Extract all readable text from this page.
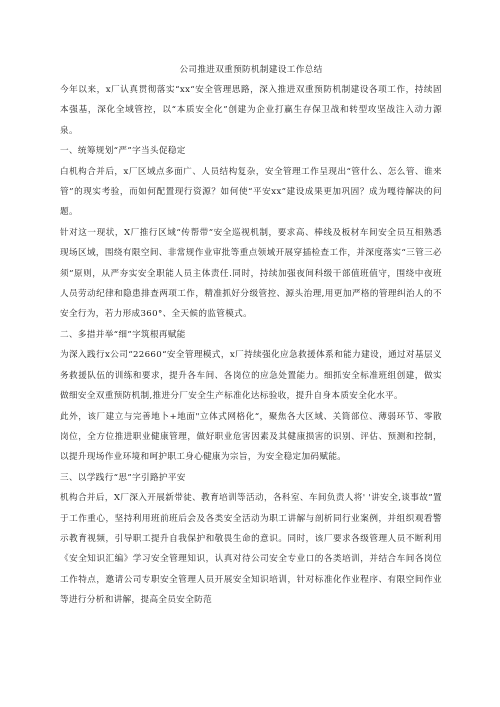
公司推进双重预防机制建设工作总结

今年以来，x厂认真贯彻落实“xx“安全管理思路，深入推进双重预防机制建设各项工作，持续固本强基，深化全域管控，以“本质安全化”创建为企业打赢生存保卫战和转型攻坚战注入动力源泉。

一、统筹规划“严”字当头促稳定

白机构合并后，x厂区域点多面广、人员结构复杂，安全管理工作呈现出“管什么、怎么管、谁来管”的现实考验，而如何配置现行资源？如何使“平安xx”建设成果更加巩固？成为嘎待解决的问题。

针对这一现状，X厂推行区域“传帮带”安全巡视机制，要求高、棒线及板材车间安全员互相熟悉现场区域，围绕有限空间、非常规作业审批等重点领域开展穿插检查工作，并深度落实“三管三必须”原则，从严夯实安全职能人员主体责任.同时，持续加强夜间科级干部值班值守，围绕中夜班人员劳动纪律和隐患排查两项工作，精准抓好分级管控、源头治理,用更加严格的管理纠治人的不安全行为，若力形成360°、全天候的监管模式。

二、多措并举“细”字筑根再赋能

为深入践行x公司“22660“安全管理模式，x厂持续强化应急救援体系和能力建设，通过对基层义务救援队伍的训练和要求，提升各车间、各岗位的应急处置能力。细抓安全标准班组创建，做实做细安全双重预防机制,推进分厂安全生产标准化达标验收，提升自身本质安全化水平。

此外，该厂建立与完善地卜+地面"立体式网格化“，聚焦各大区域、关筒部位、薄弱环节、零散岗位，全方位推进职业健康管理，做好职业危害因素及其健康损害的识别、评估、预测和控制，以提升现场作业环境和呵护职工身心健康为宗旨，为安全稳定加码赋能。

三、以学践行“思”字引路护平安

机构合并后，X厂深入开展新带徒、教育培训等活动，各科室、车间负责人将' '讲安全,谈事故”置于工作重心，坚持利用班前班后会及各类安全活动为职工讲解与剖析同行业案例，并组织观看警示教育视频，引导职工提升自我保护和敬畏生命的意识。同时，该厂要求各级管理人员不断利用《安全知识汇编》学习安全管理知识，认真对待公司安全专业口的各类培训，并结合车间各岗位工作特点，邀请公司专职安全管理人员开展安全知识培训，针对标准化作业程序、有限空间作业等进行分析和讲解，提高全员安全防范
